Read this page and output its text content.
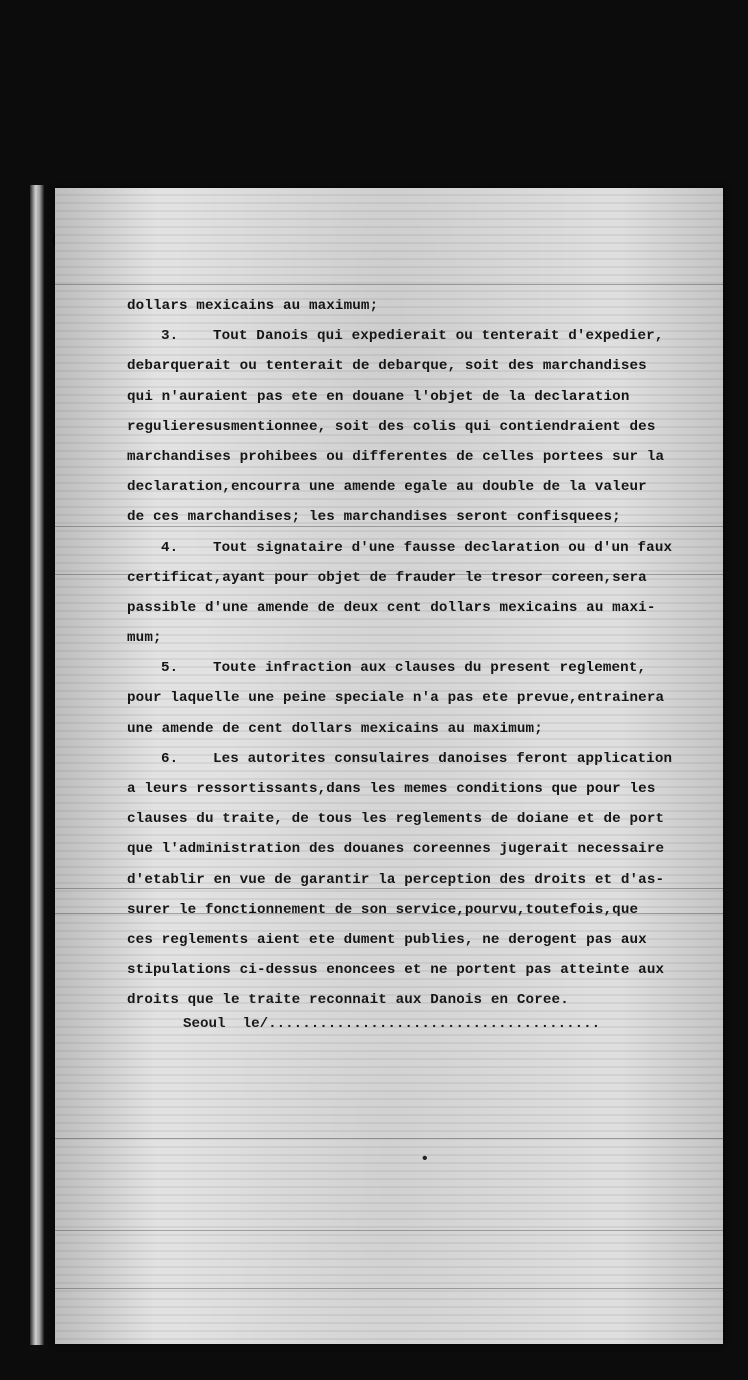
dollars mexicains au maximum;
3.    Tout Danois qui expedierait ou tenterait d'expedier,
debarquerait ou tenterait de debarque, soit des marchandises
qui n'auraient pas ete en douane l'objet de la declaration
regulieresusmentionnee, soit des colis qui contiendraient des
marchandises prohibees ou differentes de celles portees sur la
declaration,encourra une amende egale au double de la valeur
de ces marchandises; les marchandises seront confisquees;
4.    Tout signataire d'une fausse declaration ou d'un faux
certificat,ayant pour objet de frauder le tresor coreen,sera
passible d'une amende de deux cent dollars mexicains au maxi-
mum;
5.    Toute infraction aux clauses du present reglement,
pour laquelle une peine speciale n'a pas ete prevue,entrainera
une amende de cent dollars mexicains au maximum;
6.    Les autorites consulaires danoises feront application
a leurs ressortissants,dans les memes conditions que pour les
clauses du traite, de tous les reglements de doiane et de port
que l'administration des douanes coreennes jugerait necessaire
d'etablir en vue de garantir la perception des droits et d'as-
surer le fonctionnement de son service,pourvu,toutefois,que
ces reglements aient ete dument publies, ne derogent pas aux
stipulations ci-dessus enoncees et ne portent pas atteinte aux
droits que le traite reconnait aux Danois en Coree.
Seoul  le/.......................................
•
